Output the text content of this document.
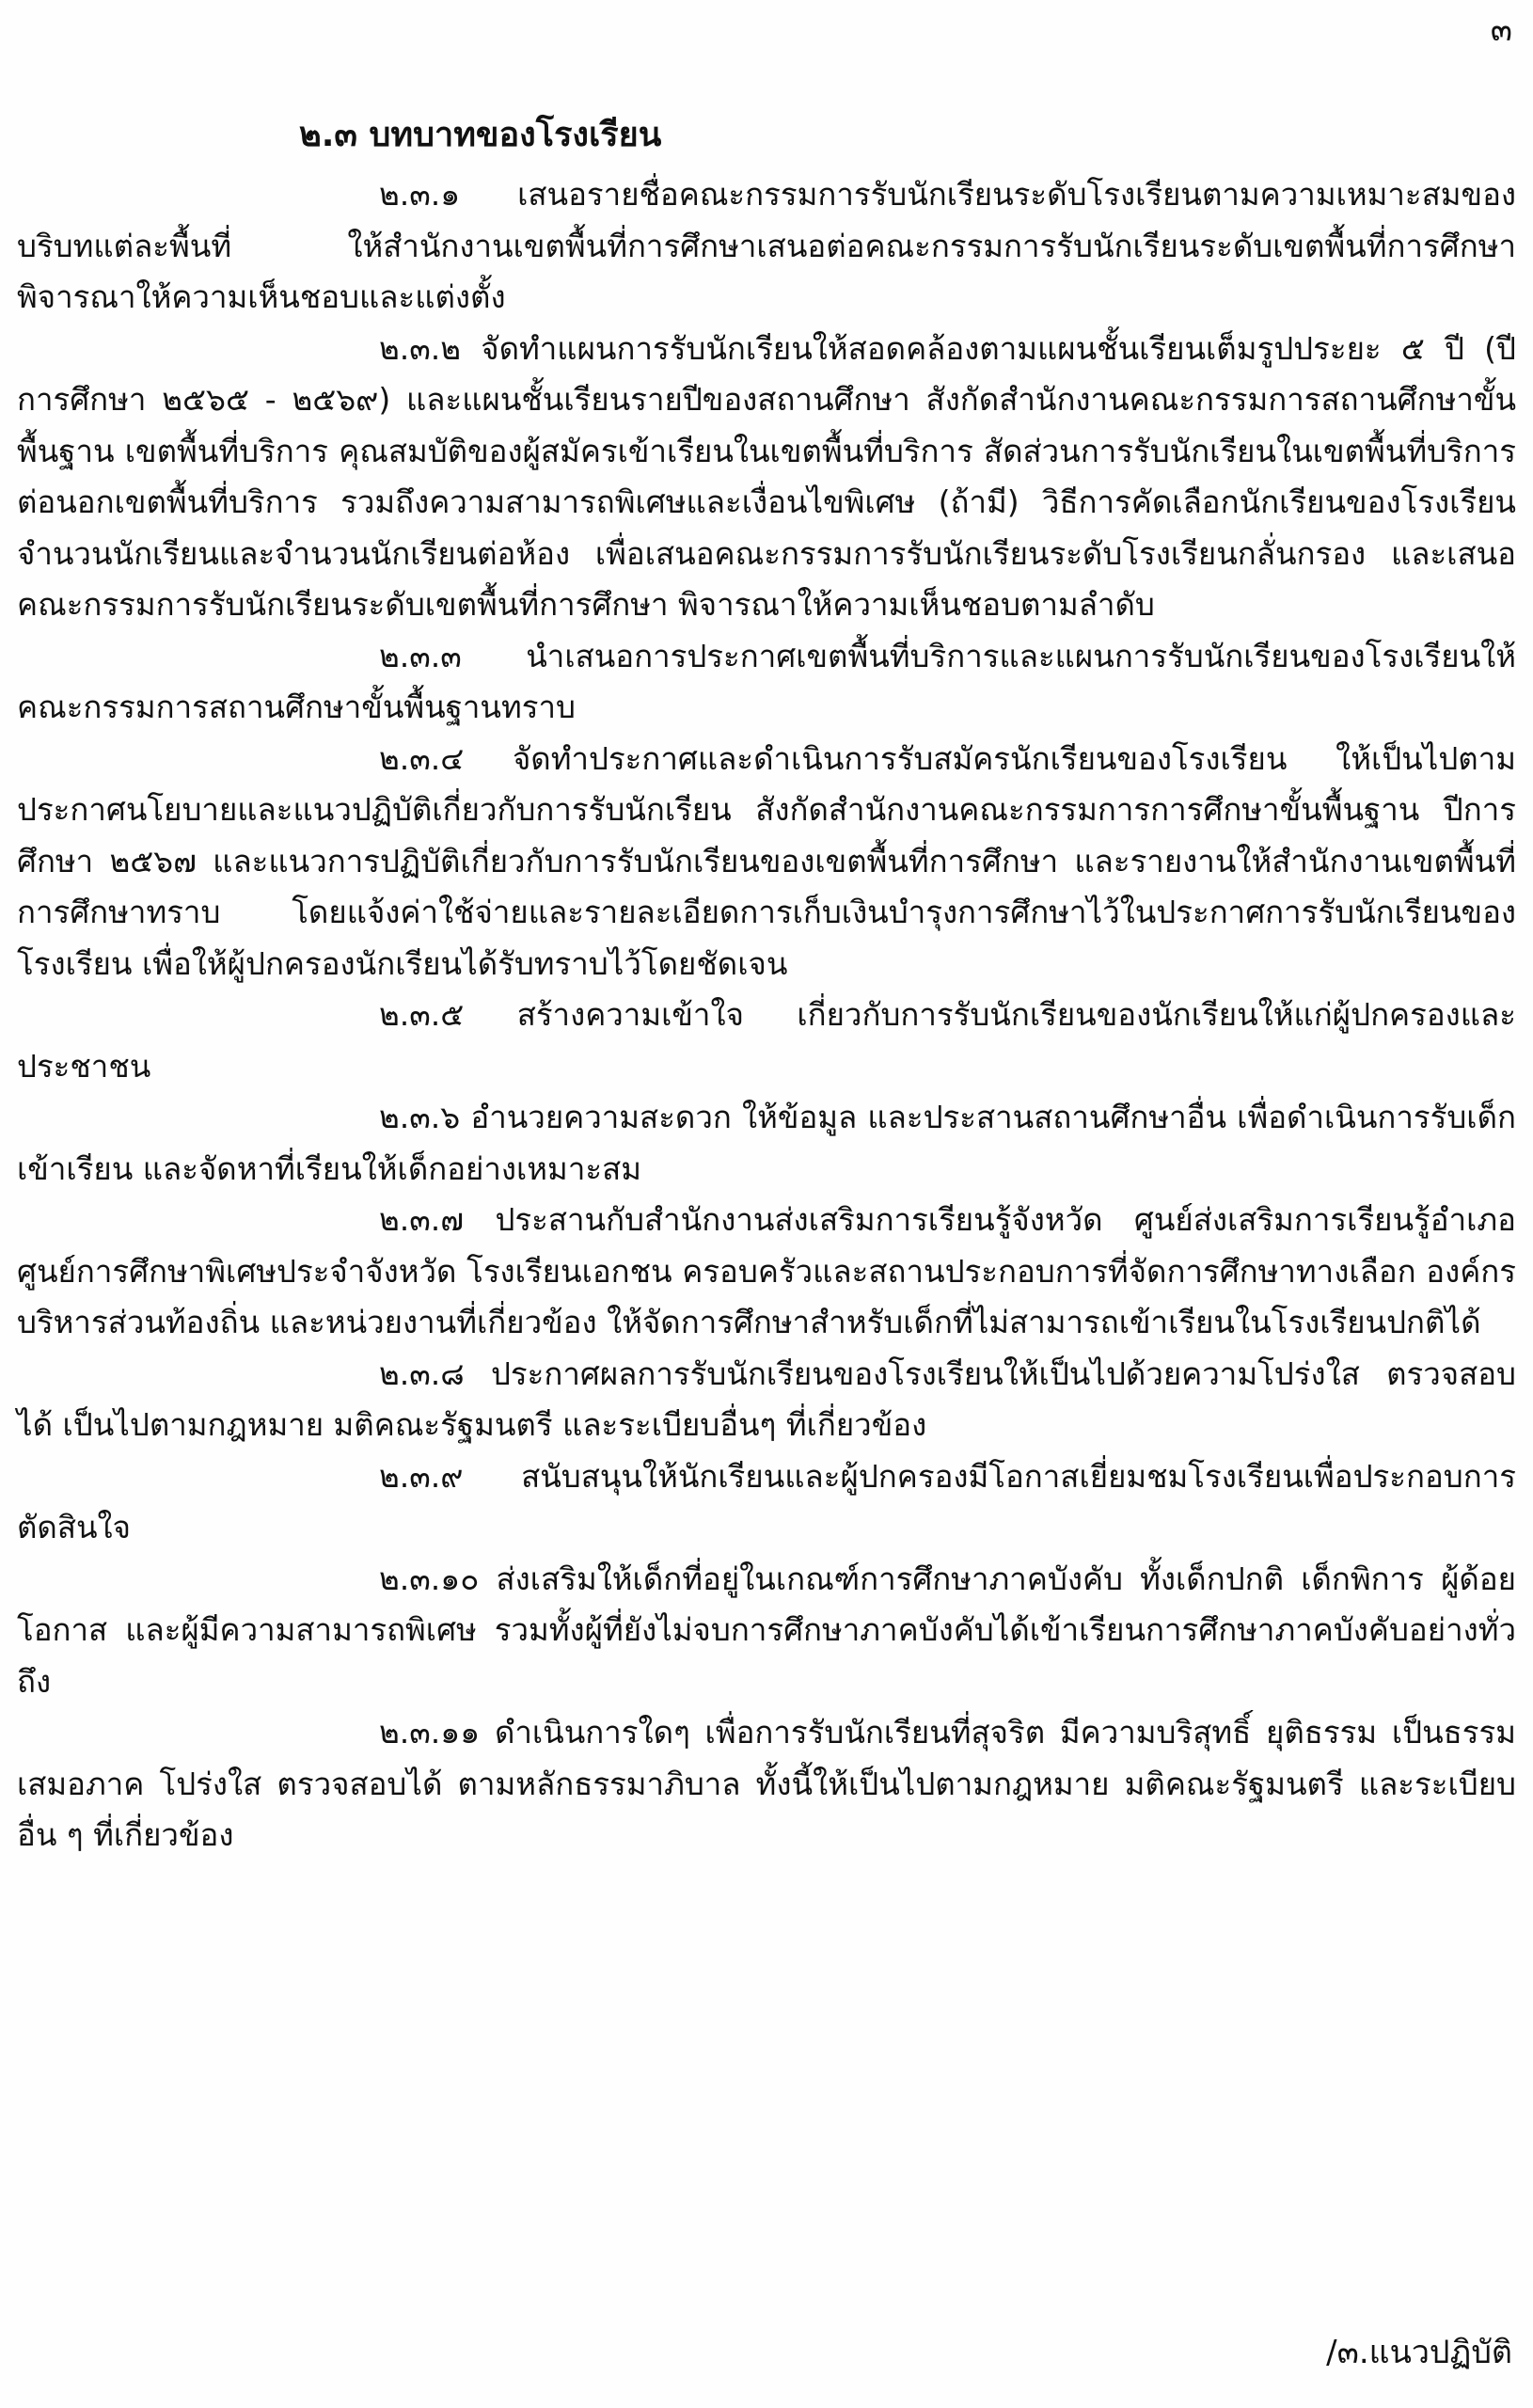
๓
๒.๓ บทบาทของโรงเรียน

๒.๓.๑ เสนอรายชื่อคณะกรรมการรับนักเรียนระดับโรงเรียนตามความเหมาะสมของบริบทแต่ละพื้นที่ ให้สำนักงานเขตพื้นที่การศึกษาเสนอต่อคณะกรรมการรับนักเรียนระดับเขตพื้นที่การศึกษา พิจารณาให้ความเห็นชอบและแต่งตั้ง

๒.๓.๒ จัดทำแผนการรับนักเรียนให้สอดคล้องตามแผนชั้นเรียนเต็มรูปประยะ ๕ ปี (ปีการศึกษา ๒๕๖๕ - ๒๕๖๙) และแผนชั้นเรียนรายปีของสถานศึกษา สังกัดสำนักงานคณะกรรมการสถานศึกษาขั้นพื้นฐาน เขตพื้นที่บริการ คุณสมบัติของผู้สมัครเข้าเรียนในเขตพื้นที่บริการ สัดส่วนการรับนักเรียนในเขตพื้นที่บริการต่อนอกเขตพื้นที่บริการ รวมถึงความสามารถพิเศษและเงื่อนไขพิเศษ (ถ้ามี) วิธีการคัดเลือกนักเรียนของโรงเรียน จำนวนนักเรียนและจำนวนนักเรียนต่อห้อง เพื่อเสนอคณะกรรมการรับนักเรียนระดับโรงเรียนกลั่นกรอง และเสนอคณะกรรมการรับนักเรียนระดับเขตพื้นที่การศึกษา พิจารณาให้ความเห็นชอบตามลำดับ

๒.๓.๓ นำเสนอการประกาศเขตพื้นที่บริการและแผนการรับนักเรียนของโรงเรียนให้คณะกรรมการสถานศึกษาขั้นพื้นฐานทราบ

๒.๓.๔ จัดทำประกาศและดำเนินการรับสมัครนักเรียนของโรงเรียน ให้เป็นไปตามประกาศนโยบายและแนวปฏิบัติเกี่ยวกับการรับนักเรียน สังกัดสำนักงานคณะกรรมการการศึกษาขั้นพื้นฐาน ปีการศึกษา ๒๕๖๗ และแนวการปฏิบัติเกี่ยวกับการรับนักเรียนของเขตพื้นที่การศึกษา และรายงานให้สำนักงานเขตพื้นที่การศึกษาทราบ โดยแจ้งค่าใช้จ่ายและรายละเอียดการเก็บเงินบำรุงการศึกษาไว้ในประกาศการรับนักเรียนของโรงเรียน เพื่อให้ผู้ปกครองนักเรียนได้รับทราบไว้โดยชัดเจน

๒.๓.๕ สร้างความเข้าใจ เกี่ยวกับการรับนักเรียนของนักเรียนให้แก่ผู้ปกครองและประชาชน

๒.๓.๖ อำนวยความสะดวก ให้ข้อมูล และประสานสถานศึกษาอื่น เพื่อดำเนินการรับเด็กเข้าเรียน และจัดหาที่เรียนให้เด็กอย่างเหมาะสม

๒.๓.๗ ประสานกับสำนักงานส่งเสริมการเรียนรู้จังหวัด ศูนย์ส่งเสริมการเรียนรู้อำเภอ ศูนย์การศึกษาพิเศษประจำจังหวัด โรงเรียนเอกชน ครอบครัวและสถานประกอบการที่จัดการศึกษาทางเลือก องค์กรบริหารส่วนท้องถิ่น และหน่วยงานที่เกี่ยวข้อง ให้จัดการศึกษาสำหรับเด็กที่ไม่สามารถเข้าเรียนในโรงเรียนปกติได้

๒.๓.๘ ประกาศผลการรับนักเรียนของโรงเรียนให้เป็นไปด้วยความโปร่งใส ตรวจสอบได้ เป็นไปตามกฎหมาย มติคณะรัฐมนตรี และระเบียบอื่นๆ ที่เกี่ยวข้อง

๒.๓.๙ สนับสนุนให้นักเรียนและผู้ปกครองมีโอกาสเยี่ยมชมโรงเรียนเพื่อประกอบการตัดสินใจ

๒.๓.๑๐ ส่งเสริมให้เด็กที่อยู่ในเกณฑ์การศึกษาภาคบังคับ ทั้งเด็กปกติ เด็กพิการ ผู้ด้อยโอกาส และผู้มีความสามารถพิเศษ รวมทั้งผู้ที่ยังไม่จบการศึกษาภาคบังคับได้เข้าเรียนการศึกษาภาคบังคับอย่างทั่วถึง

๒.๓.๑๑ ดำเนินการใดๆ เพื่อการรับนักเรียนที่สุจริต มีความบริสุทธิ์ ยุติธรรม เป็นธรรม เสมอภาค โปร่งใส ตรวจสอบได้ ตามหลักธรรมาภิบาล ทั้งนี้ให้เป็นไปตามกฎหมาย มติคณะรัฐมนตรี และระเบียบอื่น ๆ ที่เกี่ยวข้อง

/๓.แนวปฏิบัติ
